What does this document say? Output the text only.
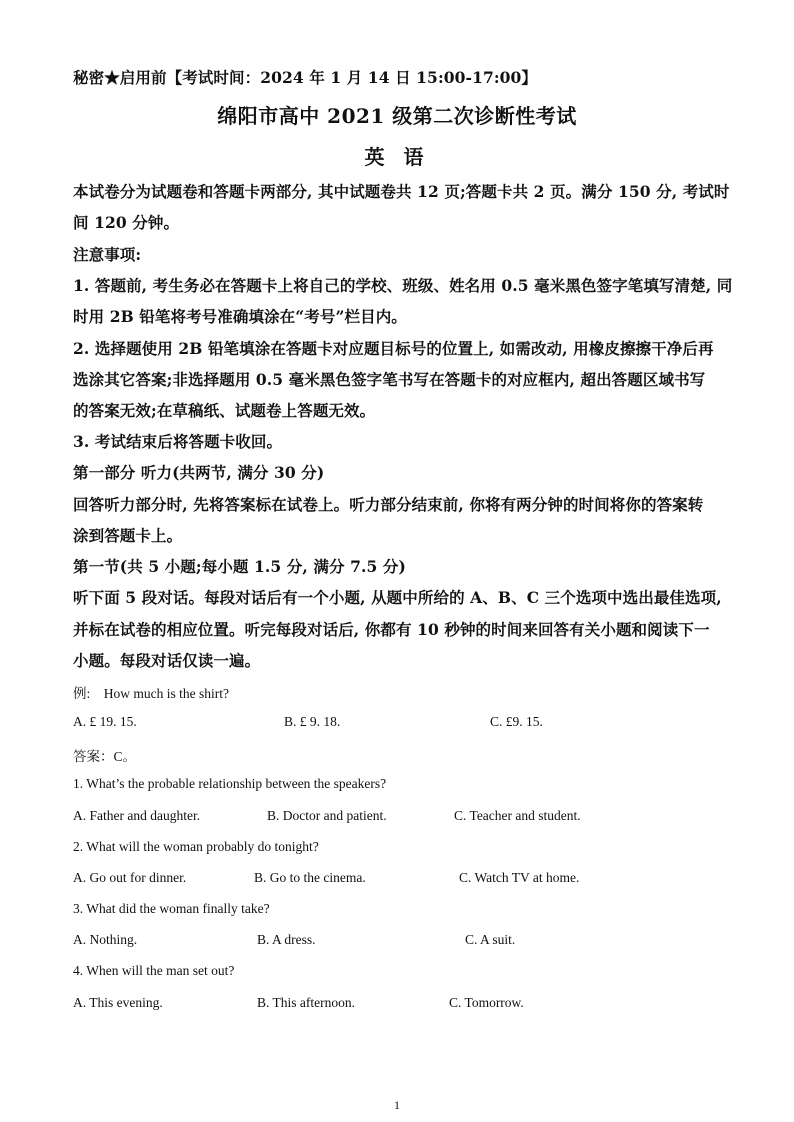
秘密★启用前【考试时间：2024 年 1 月 14 日 15:00-17:00】
绵阳市高中 2021 级第二次诊断性考试
英 语
本试卷分为试题卷和答题卡两部分, 其中试题卷共 12 页;答题卡共 2 页。满分 150 分, 考试时
间 120 分钟。
注意事项:
1. 答题前, 考生务必在答题卡上将自己的学校、班级、姓名用 0.5 毫米黑色签字笔填写清楚, 同
时用 2B 铅笔将考号准确填涂在“考号”栏目内。
2. 选择题使用 2B 铅笔填涂在答题卡对应题目标号的位置上, 如需改动, 用橡皮擦擦干净后再
选涂其它答案;非选择题用 0.5 毫米黑色签字笔书写在答题卡的对应框内, 超出答题区域书写
的答案无效;在草稿纸、试题卷上答题无效。
3. 考试结束后将答题卡收回。
第一部分 听力(共两节, 满分 30 分)
回答听力部分时, 先将答案标在试卷上。听力部分结束前, 你将有两分钟的时间将你的答案转
涂到答题卡上。
第一节(共 5 小题;每小题 1.5 分, 满分 7.5 分)
听下面 5 段对话。每段对话后有一个小题, 从题中所给的 A、B、C 三个选项中选出最佳选项,
并标在试卷的相应位置。听完每段对话后, 你都有 10 秒钟的时间来回答有关小题和阅读下一
小题。每段对话仅读一遍。
例: How much is the shirt?
A. £ 19. 15.	B. £ 9. 18.	C. £9. 15.
答案：C。
1. What’s the probable relationship between the speakers?
A. Father and daughter.	B. Doctor and patient.	C. Teacher and student.
2. What will the woman probably do tonight?
A. Go out for dinner.	B. Go to the cinema.	C. Watch TV at home.
3. What did the woman finally take?
A. Nothing.	B. A dress.	C. A suit.
4. When will the man set out?
A. This evening.	B. This afternoon.	C. Tomorrow.
1
